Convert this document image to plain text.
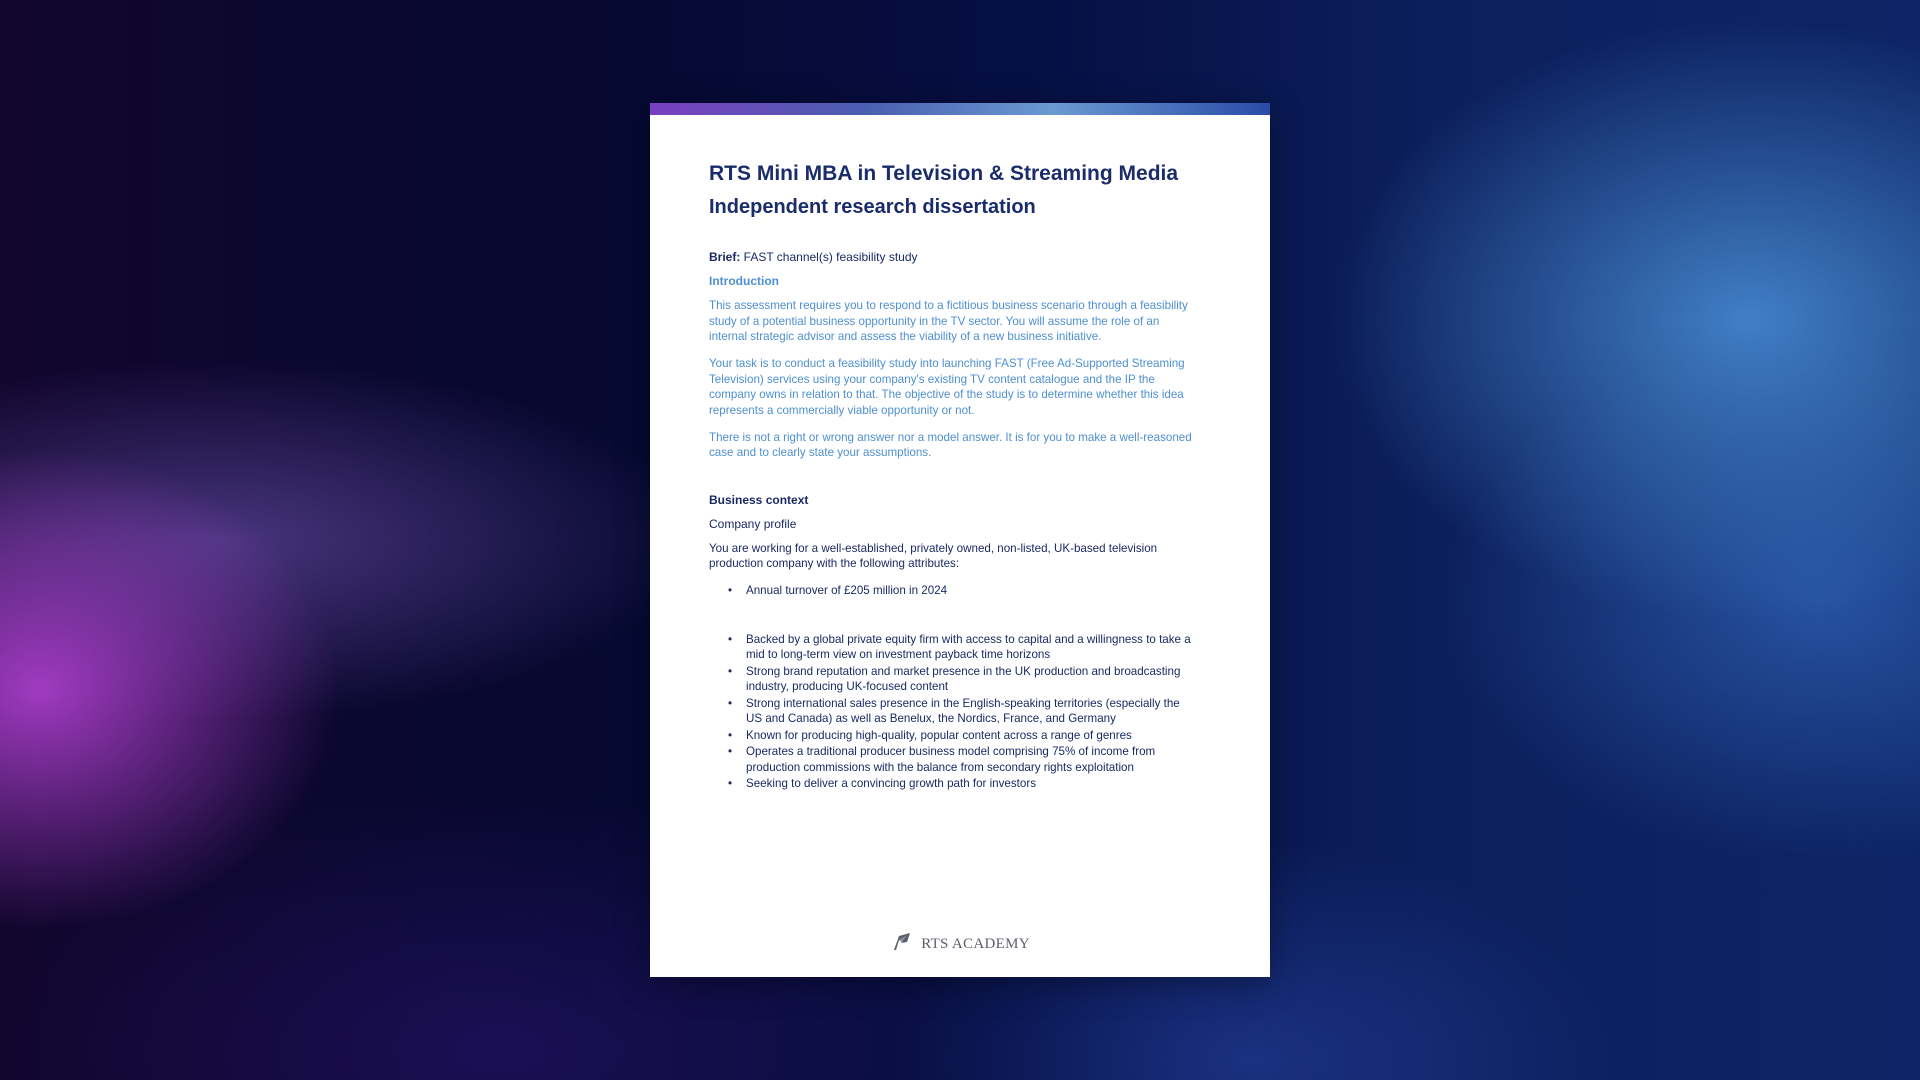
RTS Mini MBA in Television & Streaming Media
Independent research dissertation
Brief: FAST channel(s) feasibility study
Introduction

This assessment requires you to respond to a fictitious business scenario through a feasibility study of a potential business opportunity in the TV sector. You will assume the role of an internal strategic advisor and assess the viability of a new business initiative.

Your task is to conduct a feasibility study into launching FAST (Free Ad-Supported Streaming Television) services using your company's existing TV content catalogue and the IP the company owns in relation to that. The objective of the study is to determine whether this idea represents a commercially viable opportunity or not.

There is not a right or wrong answer nor a model answer. It is for you to make a well-reasoned case and to clearly state your assumptions.

Business context
Company profile

You are working for a well-established, privately owned, non-listed, UK-based television production company with the following attributes:

• Annual turnover of £205 million in 2024
• Backed by a global private equity firm with access to capital and a willingness to take a mid to long-term view on investment payback time horizons
• Strong brand reputation and market presence in the UK production and broadcasting industry, producing UK-focused content
• Strong international sales presence in the English-speaking territories (especially the US and Canada) as well as Benelux, the Nordics, France, and Germany
• Known for producing high-quality, popular content across a range of genres
• Operates a traditional producer business model comprising 75% of income from production commissions with the balance from secondary rights exploitation
• Seeking to deliver a convincing growth path for investors
RTS ACADEMY
